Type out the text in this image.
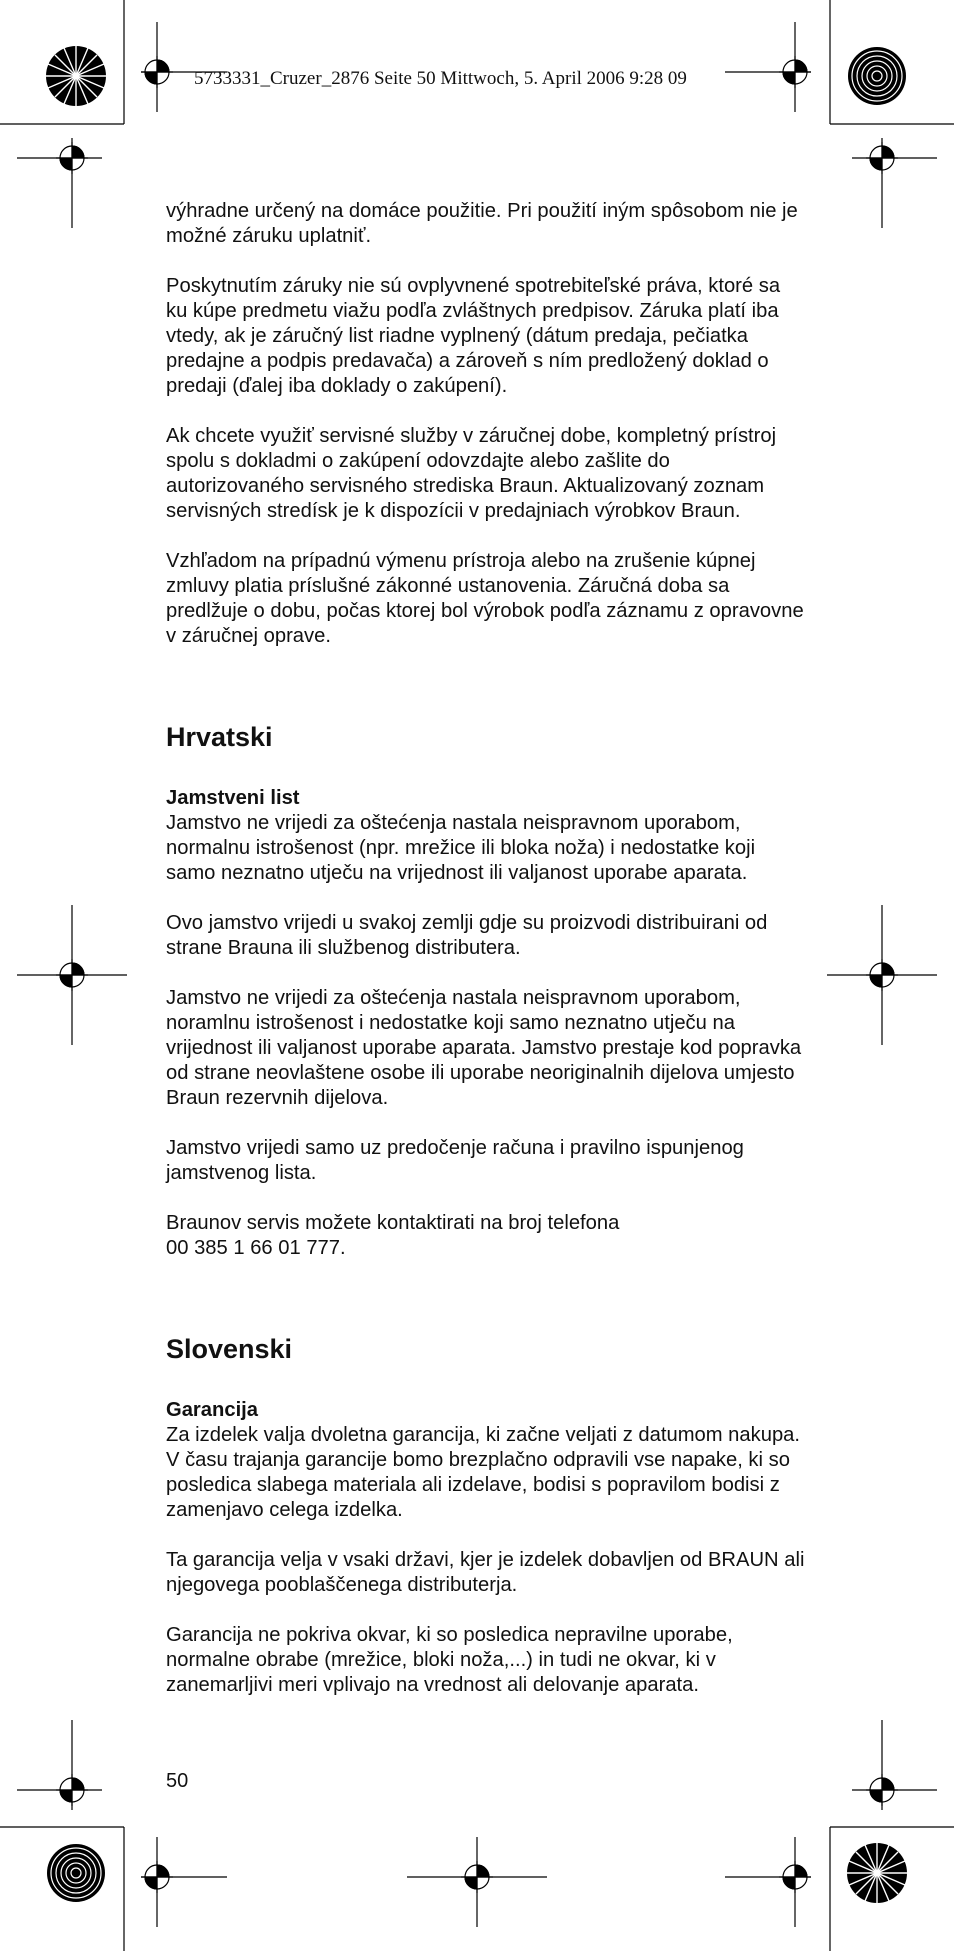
5733331_Cruzer_2876 Seite 50 Mittwoch, 5. April 2006 9:28 09

výhradne určený na domáce použitie. Pri použití iným spôsobom nie je možné záruku uplatniť.

Poskytnutím záruky nie sú ovplyvnené spotrebiteľské práva, ktoré sa ku kúpe predmetu viažu podľa zvláštnych predpisov. Záruka platí iba vtedy, ak je záručný list riadne vyplnený (dátum predaja, pečiatka predajne a podpis predavača) a zároveň s ním predložený doklad o predaji (ďalej iba doklady o zakúpení).

Ak chcete využiť servisné služby v záručnej dobe, kompletný prístroj spolu s dokladmi o zakúpení odovzdajte alebo zašlite do autorizovaného servisného strediska Braun. Aktualizovaný zoznam servisných stredísk je k dispozícii v predajniach výrobkov Braun.

Vzhľadom na prípadnú výmenu prístroja alebo na zrušenie kúpnej zmluvy platia príslušné zákonné ustanovenia. Záručná doba sa predlžuje o dobu, počas ktorej bol výrobok podľa záznamu z opravovne v záručnej oprave.

Hrvatski
Jamstveni list

Jamstvo ne vrijedi za oštećenja nastala neispravnom uporabom, normalnu istrošenost (npr. mrežice ili bloka noža) i nedostatke koji samo neznatno utječu na vrijednost ili valjanost uporabe aparata.

Ovo jamstvo vrijedi u svakoj zemlji gdje su proizvodi distribuirani od strane Brauna ili službenog distributera.

Jamstvo ne vrijedi za oštećenja nastala neispravnom uporabom, noramlnu istrošenost i nedostatke koji samo neznatno utječu na vrijednost ili valjanost uporabe aparata. Jamstvo prestaje kod popravka od strane neovlaštene osobe ili uporabe neoriginalnih dijelova umjesto Braun rezervnih dijelova.

Jamstvo vrijedi samo uz predočenje računa i pravilno ispunjenog jamstvenog lista.

Braunov servis možete kontaktirati na broj telefona

00 385 1 66 01 777.

Slovenski
Garancija

Za izdelek valja dvoletna garancija, ki začne veljati z datumom nakupa. V času trajanja garancije bomo brezplačno odpravili vse napake, ki so posledica slabega materiala ali izdelave, bodisi s popravilom bodisi z zamenjavo celega izdelka.

Ta garancija velja v vsaki državi, kjer je izdelek dobavljen od BRAUN ali njegovega pooblaščenega distributerja.

Garancija ne pokriva okvar, ki so posledica nepravilne uporabe, normalne obrabe (mrežice, bloki noža,...) in tudi ne okvar, ki v zanemarljivi meri vplivajo na vrednost ali delovanje aparata.

50
